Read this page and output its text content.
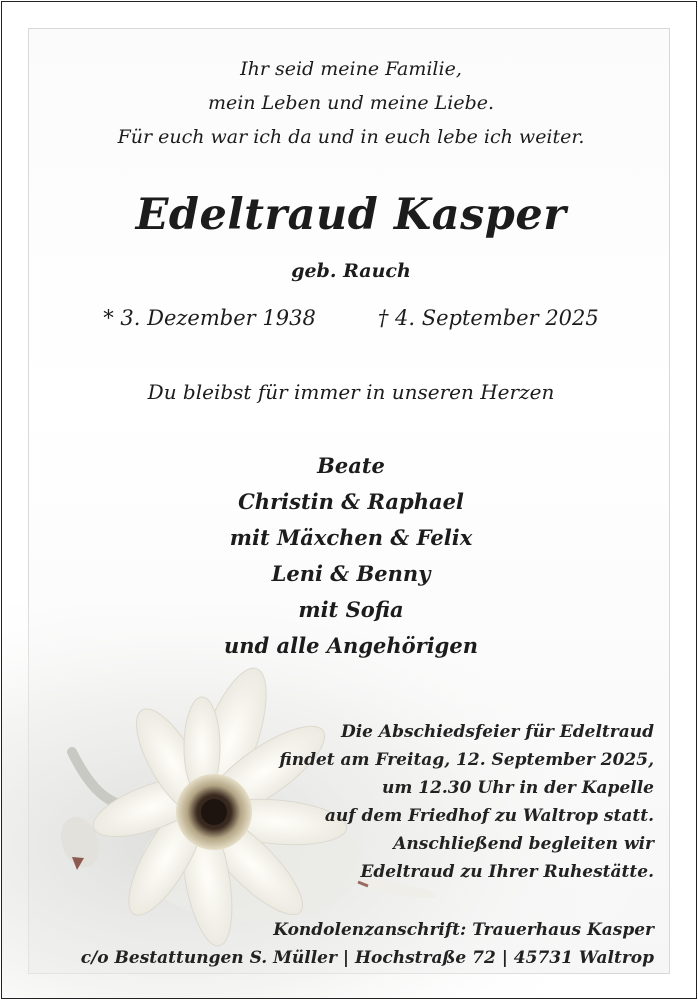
Ihr seid meine Familie,
mein Leben und meine Liebe.
Für euch war ich da und in euch lebe ich weiter.
Edeltraud Kasper
geb. Rauch
* 3. Dezember 1938	† 4. September 2025
Du bleibst für immer in unseren Herzen
Beate
Christin & Raphael
mit Mäxchen & Felix
Leni & Benny
mit Sofia
und alle Angehörigen
Die Abschiedsfeier für Edeltraud
findet am Freitag, 12. September 2025,
um 12.30 Uhr in der Kapelle
auf dem Friedhof zu Waltrop statt.
Anschließend begleiten wir
Edeltraud zu Ihrer Ruhestätte.
Kondolenzanschrift: Trauerhaus Kasper
c/o Bestattungen S. Müller | Hochstraße 72 | 45731 Waltrop
